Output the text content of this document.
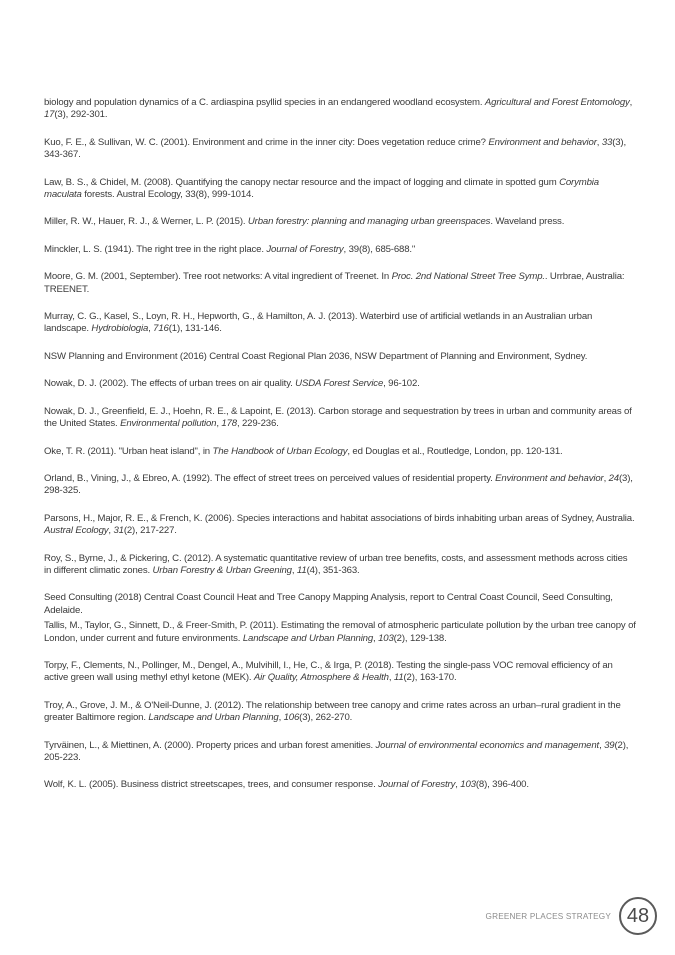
biology and population dynamics of a C. ardiaspina psyllid species in an endangered woodland ecosystem. Agricultural and Forest Entomology, 17(3), 292-301.

Kuo, F. E., & Sullivan, W. C. (2001). Environment and crime in the inner city: Does vegetation reduce crime? Environment and behavior, 33(3), 343-367.

Law, B. S., & Chidel, M. (2008). Quantifying the canopy nectar resource and the impact of logging and climate in spotted gum Corymbia maculata forests. Austral Ecology, 33(8), 999-1014.

Miller, R. W., Hauer, R. J., & Werner, L. P. (2015). Urban forestry: planning and managing urban greenspaces. Waveland press.

Minckler, L. S. (1941). The right tree in the right place. Journal of Forestry, 39(8), 685-688."

Moore, G. M. (2001, September). Tree root networks: A vital ingredient of Treenet. In Proc. 2nd National Street Tree Symp.. Urrbrae, Australia: TREENET.

Murray, C. G., Kasel, S., Loyn, R. H., Hepworth, G., & Hamilton, A. J. (2013). Waterbird use of artificial wetlands in an Australian urban landscape. Hydrobiologia, 716(1), 131-146.

NSW Planning and Environment (2016) Central Coast Regional Plan 2036, NSW Department of Planning and Environment, Sydney.

Nowak, D. J. (2002). The effects of urban trees on air quality. USDA Forest Service, 96-102.

Nowak, D. J., Greenfield, E. J., Hoehn, R. E., & Lapoint, E. (2013). Carbon storage and sequestration by trees in urban and community areas of the United States. Environmental pollution, 178, 229-236.

Oke, T. R. (2011). "Urban heat island", in The Handbook of Urban Ecology, ed Douglas et al., Routledge, London, pp. 120-131.

Orland, B., Vining, J., & Ebreo, A. (1992). The effect of street trees on perceived values of residential property. Environment and behavior, 24(3), 298-325.

Parsons, H., Major, R. E., & French, K. (2006). Species interactions and habitat associations of birds inhabiting urban areas of Sydney, Australia. Austral Ecology, 31(2), 217-227.

Roy, S., Byrne, J., & Pickering, C. (2012). A systematic quantitative review of urban tree benefits, costs, and assessment methods across cities in different climatic zones. Urban Forestry & Urban Greening, 11(4), 351-363.

Seed Consulting (2018) Central Coast Council Heat and Tree Canopy Mapping Analysis, report to Central Coast Council, Seed Consulting, Adelaide.

Tallis, M., Taylor, G., Sinnett, D., & Freer-Smith, P. (2011). Estimating the removal of atmospheric particulate pollution by the urban tree canopy of London, under current and future environments. Landscape and Urban Planning, 103(2), 129-138.

Torpy, F., Clements, N., Pollinger, M., Dengel, A., Mulvihill, I., He, C., & Irga, P. (2018). Testing the single-pass VOC removal efficiency of an active green wall using methyl ethyl ketone (MEK). Air Quality, Atmosphere & Health, 11(2), 163-170.

Troy, A., Grove, J. M., & O'Neil-Dunne, J. (2012). The relationship between tree canopy and crime rates across an urban–rural gradient in the greater Baltimore region. Landscape and Urban Planning, 106(3), 262-270.

Tyrväinen, L., & Miettinen, A. (2000). Property prices and urban forest amenities. Journal of environmental economics and management, 39(2), 205-223.

Wolf, K. L. (2005). Business district streetscapes, trees, and consumer response. Journal of Forestry, 103(8), 396-400.

GREENER PLACES STRATEGY 48
